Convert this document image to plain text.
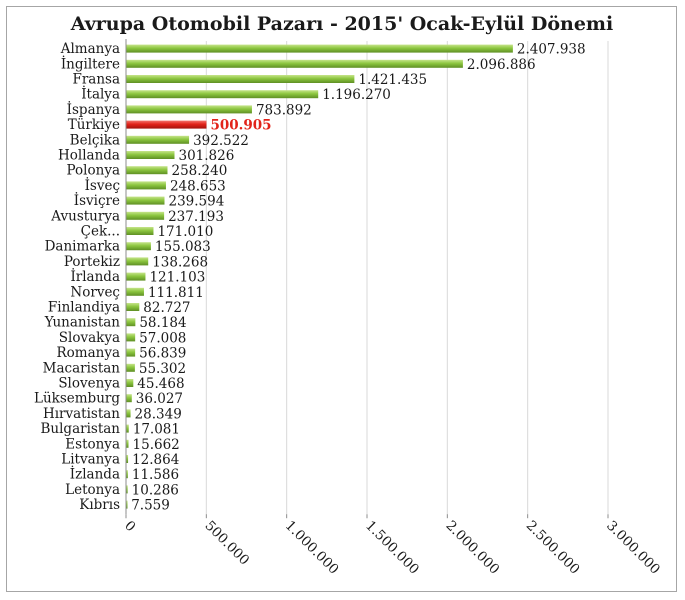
Avrupa Otomobil Pazarı - 2015' Ocak-Eylül Dönemi
Almanya	2.407.938
İngiltere	2.096.886
Fransa	1.421.435
İtalya	1.196.270
İspanya	783.892
Türkiye	500.905
Belçika	392.522
Hollanda	301.826
Polonya	258.240
İsveç	248.653
İsviçre	239.594
Avusturya	237.193
Çek...	171.010
Danimarka	155.083
Portekiz 138.268
İrlanda 121.103
Norveç 111.811
Finlandiya 82.727
Yunanistan 58.184
Slovakya 57.008
Romanya 56.839
Macaristan 55.302
Slovenya 45.468
Lüksemburg 36.027
Hırvatistan 28.349
Bulgaristan 17.081
Estonya 15.662
Litvanya 12.864
İzlanda 11.586
Letonya 10.286
Kıbrıs 7.559
0	500.000 1.000.000 1.500.000 2.000.000 2.500.000 3.000.000
